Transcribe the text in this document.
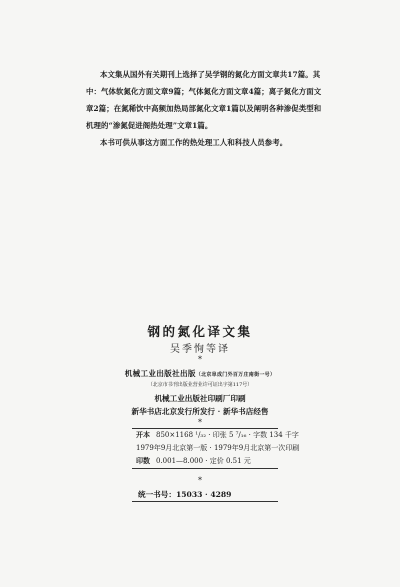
本文集从国外有关期刊上选择了吴学钢的氮化方面文章共17篇。其中：气体软氮化方面文章9篇；气体氮化方面文章4篇；离子氮化方面文章2篇；在氮稀饮中高频加热局部氮化文章1篇以及阐明各种渗促类型和机理的“渗氮促进阁热处理”文章1篇。

本书可供从事这方面工作的热处理工人和科技人员参考。

钢的氮化译文集
吴季恂等译
*
机械工业出版社出版（北京阜成门外百万庄南街一号）
（北京市书刊出版业营业许可证出字第117号）
机械工业出版社印刷厂印刷
新华书店北京发行所发行 · 新华书店经售
*
开本 850×1168 ¹/₃₂ · 印张 5 ⁷/₁₆ · 字数 134 千字
1979年9月北京第一版 · 1979年9月北京第一次印刷
印数 0.001—8.000 · 定价 0.51 元
*
统一书号：15033 · 4289
